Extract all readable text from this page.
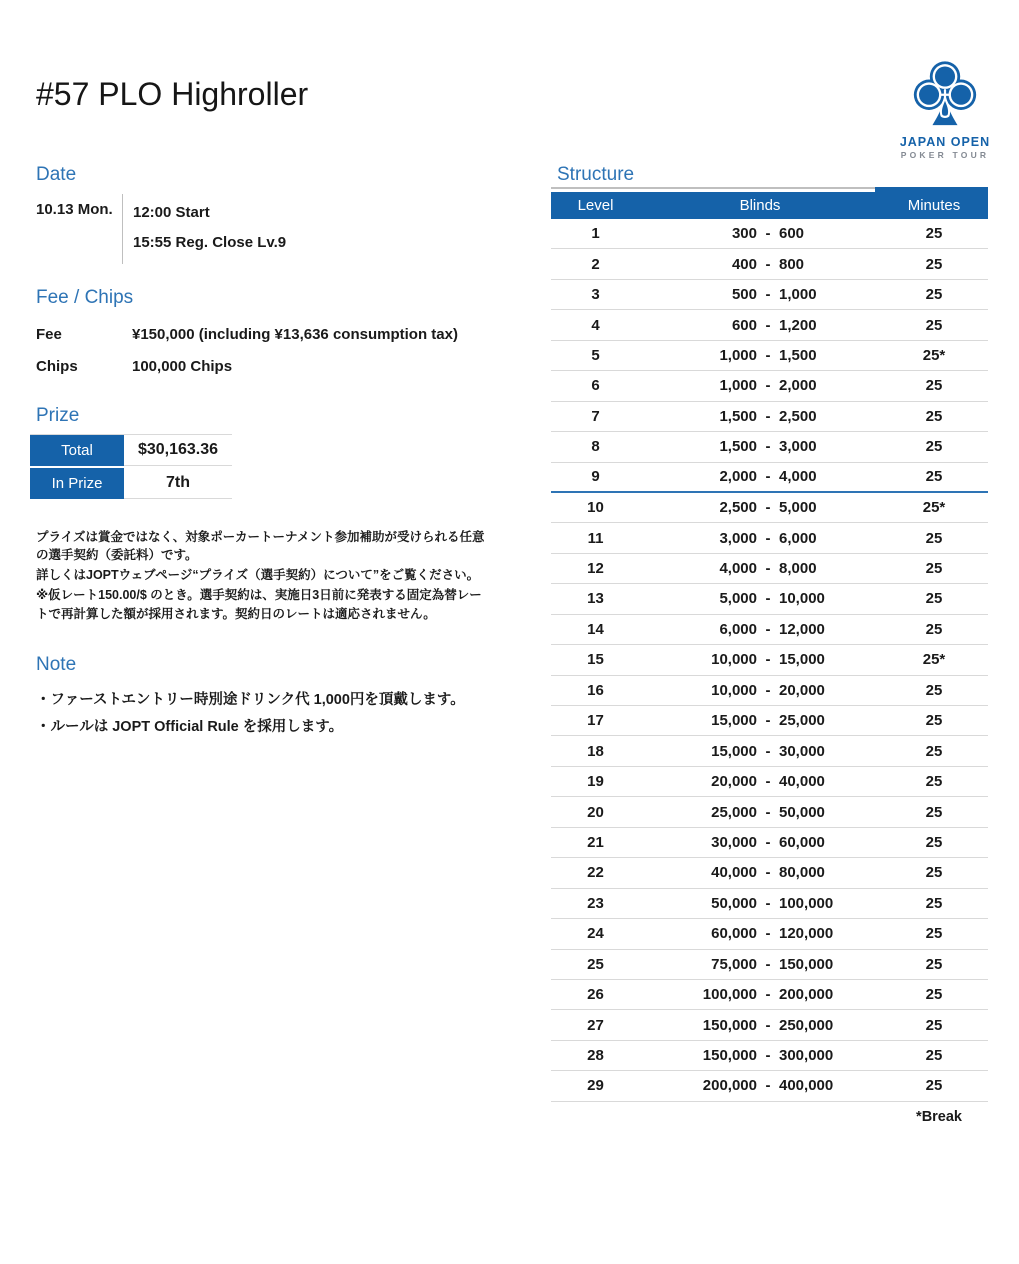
#57 PLO Highroller
JAPAN OPEN
POKER TOUR
Date
10.13 Mon.	12:00 Start
15:55 Reg. Close Lv.9
Fee / Chips
Fee	¥150,000 (including ¥13,636 consumption tax)
Chips	100,000 Chips
Prize
Total	$30,163.36
In Prize	7th

プライズは賞金ではなく、対象ポーカートーナメント参加補助が受けられる任意の選手契約（委託料）です。

詳しくはJOPTウェブページ“プライズ（選手契約）について”をご覧ください。

※仮レート150.00/$ のとき。選手契約は、実施日3日前に発表する固定為替レートで再計算した額が採用されます。契約日のレートは適応されません。

Note
・ファーストエントリー時別途ドリンク代 1,000円を頂戴します。
・ルールは JOPT Official Rule を採用します。
Structure
Level	Blinds	Minutes
1	300 - 600	25
2	400 - 800	25
3	500 - 1,000	25
4	600 - 1,200	25
5	1,000 - 1,500	25*
6	1,000 - 2,000	25
7	1,500 - 2,500	25
8	1,500 - 3,000	25
9	2,000 - 4,000	25
10	2,500 - 5,000	25*
11	3,000 - 6,000	25
12	4,000 - 8,000	25
13	5,000 - 10,000	25
14	6,000 - 12,000	25
15	10,000 - 15,000	25*
16	10,000 - 20,000	25
17	15,000 - 25,000	25
18	15,000 - 30,000	25
19	20,000 - 40,000	25
20	25,000 - 50,000	25
21	30,000 - 60,000	25
22	40,000 - 80,000	25
23	50,000 - 100,000	25
24	60,000 - 120,000	25
25	75,000 - 150,000	25
26	100,000 - 200,000	25
27	150,000 - 250,000	25
28	150,000 - 300,000	25
29	200,000 - 400,000	25
*Break
